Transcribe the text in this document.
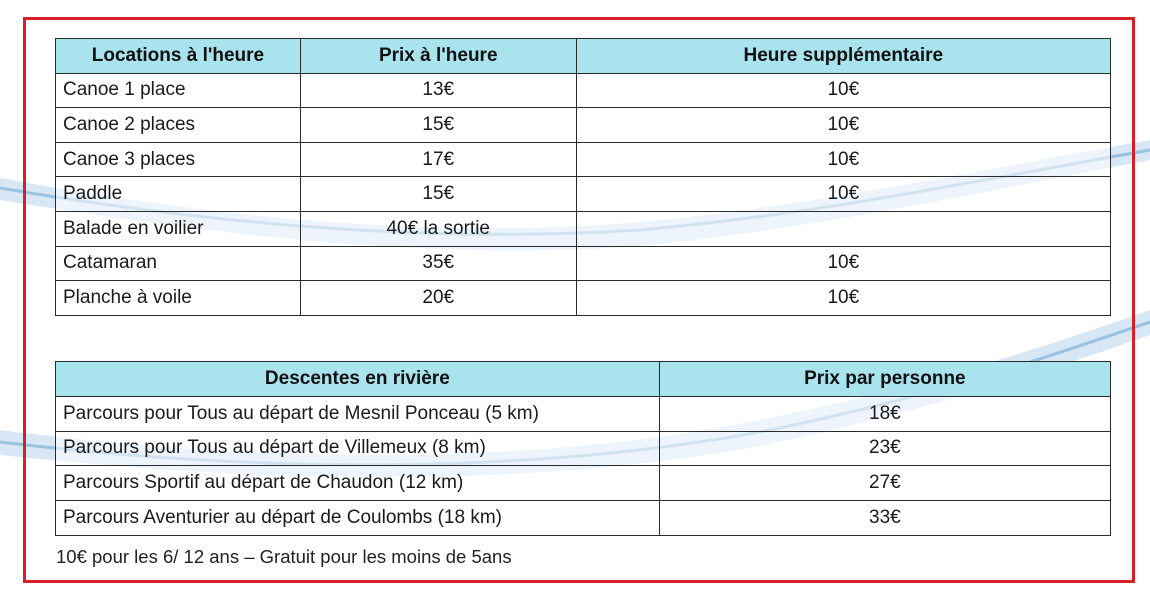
Locations à l'heure	Prix à l'heure	Heure supplémentaire
Canoe 1 place	13€	10€
Canoe 2 places	15€	10€
Canoe 3 places	17€	10€
Paddle	15€	10€
Balade en voilier	40€ la sortie	
Catamaran	35€	10€
Planche à voile	20€	10€
Descentes en rivière	Prix par personne
Parcours pour Tous au départ de Mesnil Ponceau (5 km)	18€
Parcours pour Tous au départ de Villemeux (8 km)	23€
Parcours Sportif au départ de Chaudon (12 km)	27€
Parcours Aventurier au départ de Coulombs (18 km)	33€
10€ pour les 6/ 12 ans – Gratuit pour les moins de 5ans
